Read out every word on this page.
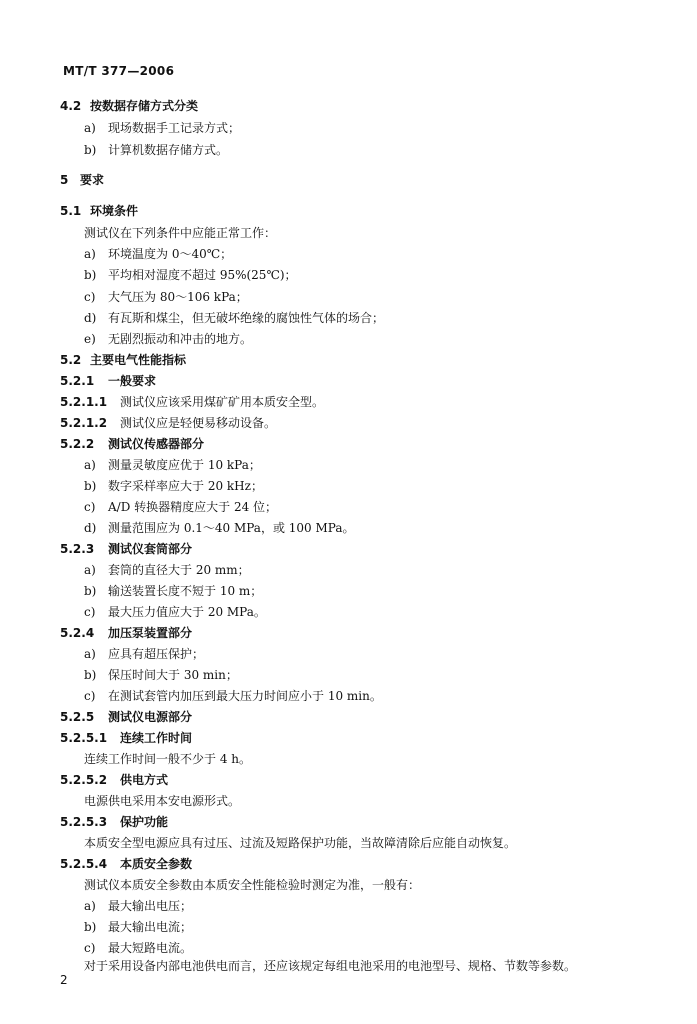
MT/T 377—2006
4.2 按数据存储方式分类
a) 现场数据手工记录方式；
b) 计算机数据存储方式。
5 要求
5.1 环境条件
测试仪在下列条件中应能正常工作：
a) 环境温度为 0～40℃；
b) 平均相对湿度不超过 95%(25℃)；
c) 大气压为 80～106 kPa；
d) 有瓦斯和煤尘，但无破坏绝缘的腐蚀性气体的场合；
e) 无剧烈振动和冲击的地方。
5.2 主要电气性能指标
5.2.1 一般要求
5.2.1.1 测试仪应该采用煤矿矿用本质安全型。
5.2.1.2 测试仪应是轻便易移动设备。
5.2.2 测试仪传感器部分
a) 测量灵敏度应优于 10 kPa；
b) 数字采样率应大于 20 kHz；
c) A/D 转换器精度应大于 24 位；
d) 测量范围应为 0.1～40 MPa，或 100 MPa。
5.2.3 测试仪套筒部分
a) 套筒的直径大于 20 mm；
b) 输送装置长度不短于 10 m；
c) 最大压力值应大于 20 MPa。
5.2.4 加压泵装置部分
a) 应具有超压保护；
b) 保压时间大于 30 min；
c) 在测试套管内加压到最大压力时间应小于 10 min。
5.2.5 测试仪电源部分
5.2.5.1 连续工作时间
连续工作时间一般不少于 4 h。
5.2.5.2 供电方式
电源供电采用本安电源形式。
5.2.5.3 保护功能
本质安全型电源应具有过压、过流及短路保护功能，当故障清除后应能自动恢复。
5.2.5.4 本质安全参数
测试仪本质安全参数由本质安全性能检验时测定为准，一般有：
a) 最大输出电压；
b) 最大输出电流；
c) 最大短路电流。
对于采用设备内部电池供电而言，还应该规定每组电池采用的电池型号、规格、节数等参数。
2
